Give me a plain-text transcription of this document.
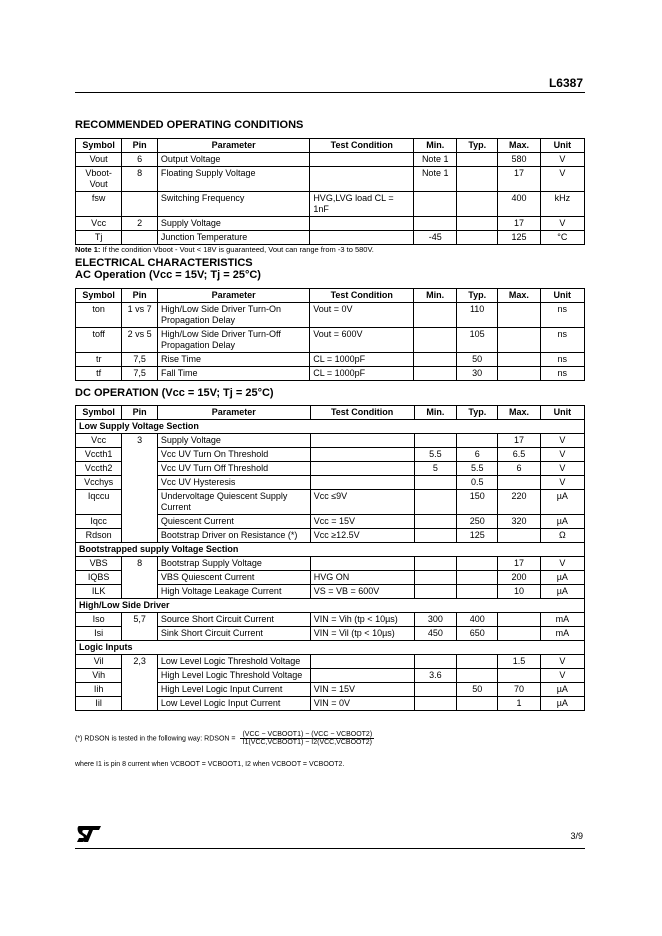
L6387
RECOMMENDED OPERATING CONDITIONS
Symbol	Pin	Parameter	Test Condition	Min.	Typ.	Max.	Unit
Vout	6	Output Voltage		Note 1		580	V
Vboot-Vout	8	Floating Supply Voltage		Note 1		17	V
fsw		Switching Frequency	HVG,LVG load CL = 1nF			400	kHz
Vcc	2	Supply Voltage				17	V
Tj		Junction Temperature		-45		125	°C
Note 1: If the condition Vboot - Vout < 18V is guaranteed, Vout can range from -3 to 580V.
ELECTRICAL CHARACTERISTICS
AC Operation (Vcc = 15V; Tj = 25°C)
Symbol	Pin	Parameter	Test Condition	Min.	Typ.	Max.	Unit
ton	1 vs 7	High/Low Side Driver Turn-On Propagation Delay	Vout = 0V		110		ns
toff	2 vs 5	High/Low Side Driver Turn-Off Propagation Delay	Vout = 600V		105		ns
tr	7,5	Rise Time	CL = 1000pF		50		ns
tf	7,5	Fall Time	CL = 1000pF		30		ns
DC OPERATION (Vcc = 15V; Tj = 25°C)
Symbol	Pin	Parameter	Test Condition	Min.	Typ.	Max.	Unit
Low Supply Voltage Section							
Vcc	3	Supply Voltage				17	V
Vccth1		Vcc UV Turn On Threshold		5.5	6	6.5	V
Vccth2		Vcc UV Turn Off Threshold		5	5.5	6	V
Vcchys		Vcc UV Hysteresis			0.5		V
Iqccu		Undervoltage Quiescent Supply Current	Vcc ≤9V		150	220	µA
Iqcc		Quiescent Current	Vcc = 15V		250	320	µA
Rdson		Bootstrap Driver on Resistance (*)	Vcc ≥12.5V		125		Ω
Bootstrapped supply Voltage Section							
VBS	8	Bootstrap Supply Voltage				17	V
IQBS		VBS Quiescent Current	HVG ON			200	µA
ILK		High Voltage Leakage Current	VS = VB = 600V			10	µA
High/Low Side Driver							
Iso	5,7	Source Short Circuit Current	VIN = Vih (tp < 10µs)	300	400		mA
Isi		Sink Short Circuit Current	VIN = Vil (tp < 10µs)	450	650		mA
Logic Inputs							
Vil	2,3	Low Level Logic Threshold Voltage				1.5	V
Vih		High Level Logic Threshold Voltage		3.6			V
Iih		High Level Logic Input Current	VIN = 15V		50	70	µA
Iil		Low Level Logic Input Current	VIN = 0V			1	µA
(*) RDSON is tested in the following way: RDSON = $\frac{\text{(VCC − VCBOOT1) − (VCC − VCBOOT2)}}{\text{I1(VCC,VCBOOT1) − I2(VCC,VCBOOT2)}}$
where I1 is pin 8 current when VCBOOT = VCBOOT1, I2 when VCBOOT = VCBOOT2.
3/9
